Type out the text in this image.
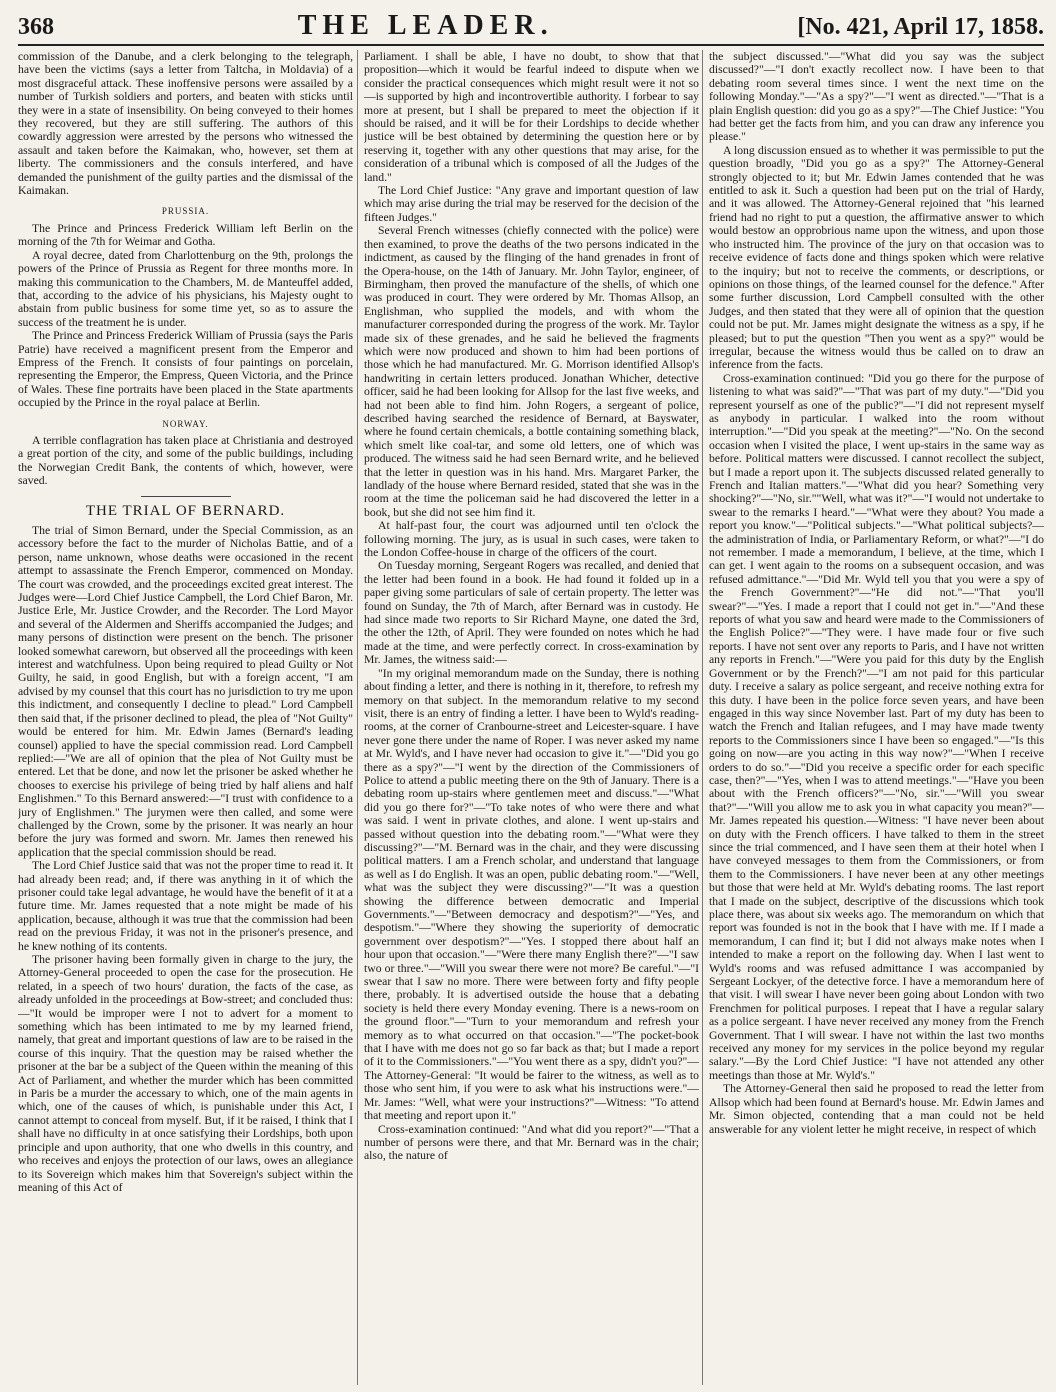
368	THE LEADER.	[No. 421, April 17, 1858.

commission of the Danube, and a clerk belonging to the telegraph, have been the victims (says a letter from Taltcha, in Moldavia) of a most disgraceful attack. These inoffensive persons were assailed by a number of Turkish soldiers and porters, and beaten with sticks until they were in a state of insensibility. On being conveyed to their homes they recovered, but they are still suffering. The authors of this cowardly aggression were arrested by the persons who witnessed the assault and taken before the Kaimakan, who, however, set them at liberty. The commissioners and the consuls interfered, and have demanded the punishment of the guilty parties and the dismissal of the Kaimakan.

PRUSSIA.

The Prince and Princess Frederick William left Berlin on the morning of the 7th for Weimar and Gotha.

A royal decree, dated from Charlottenburg on the 9th, prolongs the powers of the Prince of Prussia as Regent for three months more. In making this communication to the Chambers, M. de Manteuffel added, that, according to the advice of his physicians, his Majesty ought to abstain from public business for some time yet, so as to assure the success of the treatment he is under.

The Prince and Princess Frederick William of Prussia (says the Paris Patrie) have received a magnificent present from the Emperor and Empress of the French. It consists of four paintings on porcelain, representing the Emperor, the Empress, Queen Victoria, and the Prince of Wales. These fine portraits have been placed in the State apartments occupied by the Prince in the royal palace at Berlin.

NORWAY.

A terrible conflagration has taken place at Christiania and destroyed a great portion of the city, and some of the public buildings, including the Norwegian Credit Bank, the contents of which, however, were saved.

THE TRIAL OF BERNARD.

The trial of Simon Bernard, under the Special Commission, as an accessory before the fact to the murder of Nicholas Battie, and of a person, name unknown, whose deaths were occasioned in the recent attempt to assassinate the French Emperor, commenced on Monday. The court was crowded, and the proceedings excited great interest. The Judges were—Lord Chief Justice Campbell, the Lord Chief Baron, Mr. Justice Erle, Mr. Justice Crowder, and the Recorder. The Lord Mayor and several of the Aldermen and Sheriffs accompanied the Judges; and many persons of distinction were present on the bench. The prisoner looked somewhat careworn, but observed all the proceedings with keen interest and watchfulness. Upon being required to plead Guilty or Not Guilty, he said, in good English, but with a foreign accent, "I am advised by my counsel that this court has no jurisdiction to try me upon this indictment, and consequently I decline to plead." Lord Campbell then said that, if the prisoner declined to plead, the plea of "Not Guilty" would be entered for him. Mr. Edwin James (Bernard's leading counsel) applied to have the special commission read. Lord Campbell replied:—"We are all of opinion that the plea of Not Guilty must be entered. Let that be done, and now let the prisoner be asked whether he chooses to exercise his privilege of being tried by half aliens and half Englishmen." To this Bernard answered:—"I trust with confidence to a jury of Englishmen." The jurymen were then called, and some were challenged by the Crown, some by the prisoner. It was nearly an hour before the jury was formed and sworn. Mr. James then renewed his application that the special commission should be read.

The Lord Chief Justice said that was not the proper time to read it. It had already been read; and, if there was anything in it of which the prisoner could take legal advantage, he would have the benefit of it at a future time. Mr. James requested that a note might be made of his application, because, although it was true that the commission had been read on the previous Friday, it was not in the prisoner's presence, and he knew nothing of its contents.

The prisoner having been formally given in charge to the jury, the Attorney-General proceeded to open the case for the prosecution. He related, in a speech of two hours' duration, the facts of the case, as already unfolded in the proceedings at Bow-street; and concluded thus:—"It would be improper were I not to advert for a moment to something which has been intimated to me by my learned friend, namely, that great and important questions of law are to be raised in the course of this inquiry. That the question may be raised whether the prisoner at the bar be a subject of the Queen within the meaning of this Act of Parliament, and whether the murder which has been committed in Paris be a murder the accessary to which, one of the main agents in which, one of the causes of which, is punishable under this Act, I cannot attempt to conceal from myself. But, if it be raised, I think that I shall have no difficulty in at once satisfying their Lordships, both upon principle and upon authority, that one who dwells in this country, and who receives and enjoys the protection of our laws, owes an allegiance to its Sovereign which makes him that Sovereign's subject within the meaning of this Act of

Parliament. I shall be able, I have no doubt, to show that that proposition—which it would be fearful indeed to dispute when we consider the practical consequences which might result were it not so—is supported by high and incontrovertible authority. I forbear to say more at present, but I shall be prepared to meet the objection if it should be raised, and it will be for their Lordships to decide whether justice will be best obtained by determining the question here or by reserving it, together with any other questions that may arise, for the consideration of a tribunal which is composed of all the Judges of the land."

The Lord Chief Justice: "Any grave and important question of law which may arise during the trial may be reserved for the decision of the fifteen Judges."

Several French witnesses (chiefly connected with the police) were then examined, to prove the deaths of the two persons indicated in the indictment, as caused by the flinging of the hand grenades in front of the Opera-house, on the 14th of January. Mr. John Taylor, engineer, of Birmingham, then proved the manufacture of the shells, of which one was produced in court. They were ordered by Mr. Thomas Allsop, an Englishman, who supplied the models, and with whom the manufacturer corresponded during the progress of the work. Mr. Taylor made six of these grenades, and he said he believed the fragments which were now produced and shown to him had been portions of those which he had manufactured. Mr. G. Morrison identified Allsop's handwriting in certain letters produced. Jonathan Whicher, detective officer, said he had been looking for Allsop for the last five weeks, and had not been able to find him. John Rogers, a sergeant of police, described having searched the residence of Bernard, at Bayswater, where he found certain chemicals, a bottle containing something black, which smelt like coal-tar, and some old letters, one of which was produced. The witness said he had seen Bernard write, and he believed that the letter in question was in his hand. Mrs. Margaret Parker, the landlady of the house where Bernard resided, stated that she was in the room at the time the policeman said he had discovered the letter in a book, but she did not see him find it.

At half-past four, the court was adjourned until ten o'clock the following morning. The jury, as is usual in such cases, were taken to the London Coffee-house in charge of the officers of the court.

On Tuesday morning, Sergeant Rogers was recalled, and denied that the letter had been found in a book. He had found it folded up in a paper giving some particulars of sale of certain property. The letter was found on Sunday, the 7th of March, after Bernard was in custody. He had since made two reports to Sir Richard Mayne, one dated the 3rd, the other the 12th, of April. They were founded on notes which he had made at the time, and were perfectly correct. In cross-examination by Mr. James, the witness said:—

"In my original memorandum made on the Sunday, there is nothing about finding a letter, and there is nothing in it, therefore, to refresh my memory on that subject. In the memorandum relative to my second visit, there is an entry of finding a letter. I have been to Wyld's reading-rooms, at the corner of Cranbourne-street and Leicester-square. I have never gone there under the name of Roper. I was never asked my name at Mr. Wyld's, and I have never had occasion to give it."—"Did you go there as a spy?"—"I went by the direction of the Commissioners of Police to attend a public meeting there on the 9th of January. There is a debating room up-stairs where gentlemen meet and discuss."—"What did you go there for?"—"To take notes of who were there and what was said. I went in private clothes, and alone. I went up-stairs and passed without question into the debating room."—"What were they discussing?"—"M. Bernard was in the chair, and they were discussing political matters. I am a French scholar, and understand that language as well as I do English. It was an open, public debating room."—"Well, what was the subject they were discussing?"—"It was a question showing the difference between democratic and Imperial Governments."—"Between democracy and despotism?"—"Yes, and despotism."—"Where they showing the superiority of democratic government over despotism?"—"Yes. I stopped there about half an hour upon that occasion."—"Were there many English there?"—"I saw two or three."—"Will you swear there were not more? Be careful."—"I swear that I saw no more. There were between forty and fifty people there, probably. It is advertised outside the house that a debating society is held there every Monday evening. There is a news-room on the ground floor."—"Turn to your memorandum and refresh your memory as to what occurred on that occasion."—"The pocket-book that I have with me does not go so far back as that; but I made a report of it to the Commissioners."—"You went there as a spy, didn't you?"—The Attorney-General: "It would be fairer to the witness, as well as to those who sent him, if you were to ask what his instructions were."—Mr. James: "Well, what were your instructions?"—Witness: "To attend that meeting and report upon it."

Cross-examination continued: "And what did you report?"—"That a number of persons were there, and that Mr. Bernard was in the chair; also, the nature of

the subject discussed."—"What did you say was the subject discussed?"—"I don't exactly recollect now. I have been to that debating room several times since. I went the next time on the following Monday."—"As a spy?"—"I went as directed."—"That is a plain English question: did you go as a spy?"—The Chief Justice: "You had better get the facts from him, and you can draw any inference you please."

A long discussion ensued as to whether it was permissible to put the question broadly, "Did you go as a spy?" The Attorney-General strongly objected to it; but Mr. Edwin James contended that he was entitled to ask it. Such a question had been put on the trial of Hardy, and it was allowed. The Attorney-General rejoined that "his learned friend had no right to put a question, the affirmative answer to which would bestow an opprobrious name upon the witness, and upon those who instructed him. The province of the jury on that occasion was to receive evidence of facts done and things spoken which were relative to the inquiry; but not to receive the comments, or descriptions, or opinions on those things, of the learned counsel for the defence." After some further discussion, Lord Campbell consulted with the other Judges, and then stated that they were all of opinion that the question could not be put. Mr. James might designate the witness as a spy, if he pleased; but to put the question "Then you went as a spy?" would be irregular, because the witness would thus be called on to draw an inference from the facts.

Cross-examination continued: "Did you go there for the purpose of listening to what was said?"—"That was part of my duty."—"Did you represent yourself as one of the public?"—"I did not represent myself as anybody in particular. I walked into the room without interruption."—"Did you speak at the meeting?"—"No. On the second occasion when I visited the place, I went up-stairs in the same way as before. Political matters were discussed. I cannot recollect the subject, but I made a report upon it. The subjects discussed related generally to French and Italian matters."—"What did you hear? Something very shocking?"—"No, sir.""Well, what was it?"—"I would not undertake to swear to the remarks I heard."—"What were they about? You made a report you know."—"Political subjects."—"What political subjects?—the administration of India, or Parliamentary Reform, or what?"—"I do not remember. I made a memorandum, I believe, at the time, which I can get. I went again to the rooms on a subsequent occasion, and was refused admittance."—"Did Mr. Wyld tell you that you were a spy of the French Government?"—"He did not."—"That you'll swear?"—"Yes. I made a report that I could not get in."—"And these reports of what you saw and heard were made to the Commissioners of the English Police?"—"They were. I have made four or five such reports. I have not sent over any reports to Paris, and I have not written any reports in French."—"Were you paid for this duty by the English Government or by the French?"—"I am not paid for this particular duty. I receive a salary as police sergeant, and receive nothing extra for this duty. I have been in the police force seven years, and have been engaged in this way since November last. Part of my duty has been to watch the French and Italian refugees, and I may have made twenty reports to the Commissioners since I have been so engaged."—"Is this going on now—are you acting in this way now?"—"When I receive orders to do so."—"Did you receive a specific order for each specific case, then?"—"Yes, when I was to attend meetings."—"Have you been about with the French officers?"—"No, sir."—"Will you swear that?"—"Will you allow me to ask you in what capacity you mean?"—Mr. James repeated his question.—Witness: "I have never been about on duty with the French officers. I have talked to them in the street since the trial commenced, and I have seen them at their hotel when I have conveyed messages to them from the Commissioners, or from them to the Commissioners. I have never been at any other meetings but those that were held at Mr. Wyld's debating rooms. The last report that I made on the subject, descriptive of the discussions which took place there, was about six weeks ago. The memorandum on which that report was founded is not in the book that I have with me. If I made a memorandum, I can find it; but I did not always make notes when I intended to make a report on the following day. When I last went to Wyld's rooms and was refused admittance I was accompanied by Sergeant Lockyer, of the detective force. I have a memorandum here of that visit. I will swear I have never been going about London with two Frenchmen for political purposes. I repeat that I have a regular salary as a police sergeant. I have never received any money from the French Government. That I will swear. I have not within the last two months received any money for my services in the police beyond my regular salary."—By the Lord Chief Justice: "I have not attended any other meetings than those at Mr. Wyld's."

The Attorney-General then said he proposed to read the letter from Allsop which had been found at Bernard's house. Mr. Edwin James and Mr. Simon objected, contending that a man could not be held answerable for any violent letter he might receive, in respect of which
